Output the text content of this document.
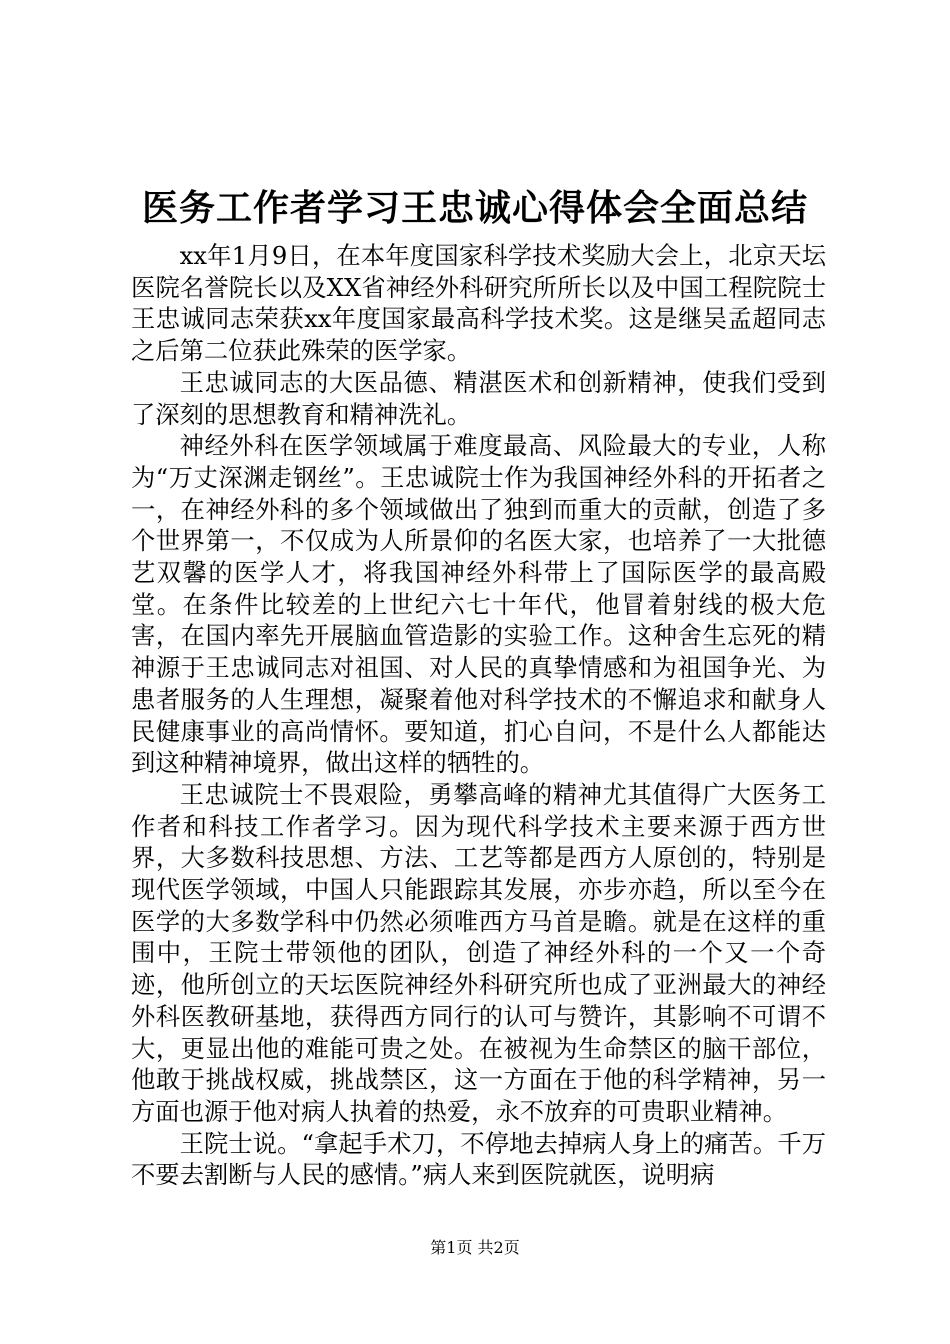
医务工作者学习王忠诚心得体会全面总结

xx年1月9日，在本年度国家科学技术奖励大会上，北京天坛医院名誉院长以及XX省神经外科研究所所长以及中国工程院院士王忠诚同志荣获xx年度国家最高科学技术奖。这是继吴孟超同志之后第二位获此殊荣的医学家。

王忠诚同志的大医品德、精湛医术和创新精神，使我们受到了深刻的思想教育和精神洗礼。

神经外科在医学领域属于难度最高、风险最大的专业，人称为“万丈深渊走钢丝”。王忠诚院士作为我国神经外科的开拓者之一，在神经外科的多个领域做出了独到而重大的贡献，创造了多个世界第一，不仅成为人所景仰的名医大家，也培养了一大批德艺双馨的医学人才，将我国神经外科带上了国际医学的最高殿堂。在条件比较差的上世纪六七十年代，他冒着射线的极大危害，在国内率先开展脑血管造影的实验工作。这种舍生忘死的精神源于王忠诚同志对祖国、对人民的真挚情感和为祖国争光、为患者服务的人生理想，凝聚着他对科学技术的不懈追求和献身人民健康事业的高尚情怀。要知道，扪心自问，不是什么人都能达到这种精神境界，做出这样的牺牲的。

王忠诚院士不畏艰险，勇攀高峰的精神尤其值得广大医务工作者和科技工作者学习。因为现代科学技术主要来源于西方世界，大多数科技思想、方法、工艺等都是西方人原创的，特别是现代医学领域，中国人只能跟踪其发展，亦步亦趋，所以至今在医学的大多数学科中仍然必须唯西方马首是瞻。就是在这样的重围中，王院士带领他的团队，创造了神经外科的一个又一个奇迹，他所创立的天坛医院神经外科研究所也成了亚洲最大的神经外科医教研基地，获得西方同行的认可与赞许，其影响不可谓不大，更显出他的难能可贵之处。在被视为生命禁区的脑干部位，他敢于挑战权威，挑战禁区，这一方面在于他的科学精神，另一方面也源于他对病人执着的热爱，永不放弃的可贵职业精神。

王院士说。“拿起手术刀，不停地去掉病人身上的痛苦。千万不要去割断与人民的感情。”病人来到医院就医，说明病

第1页 共2页
